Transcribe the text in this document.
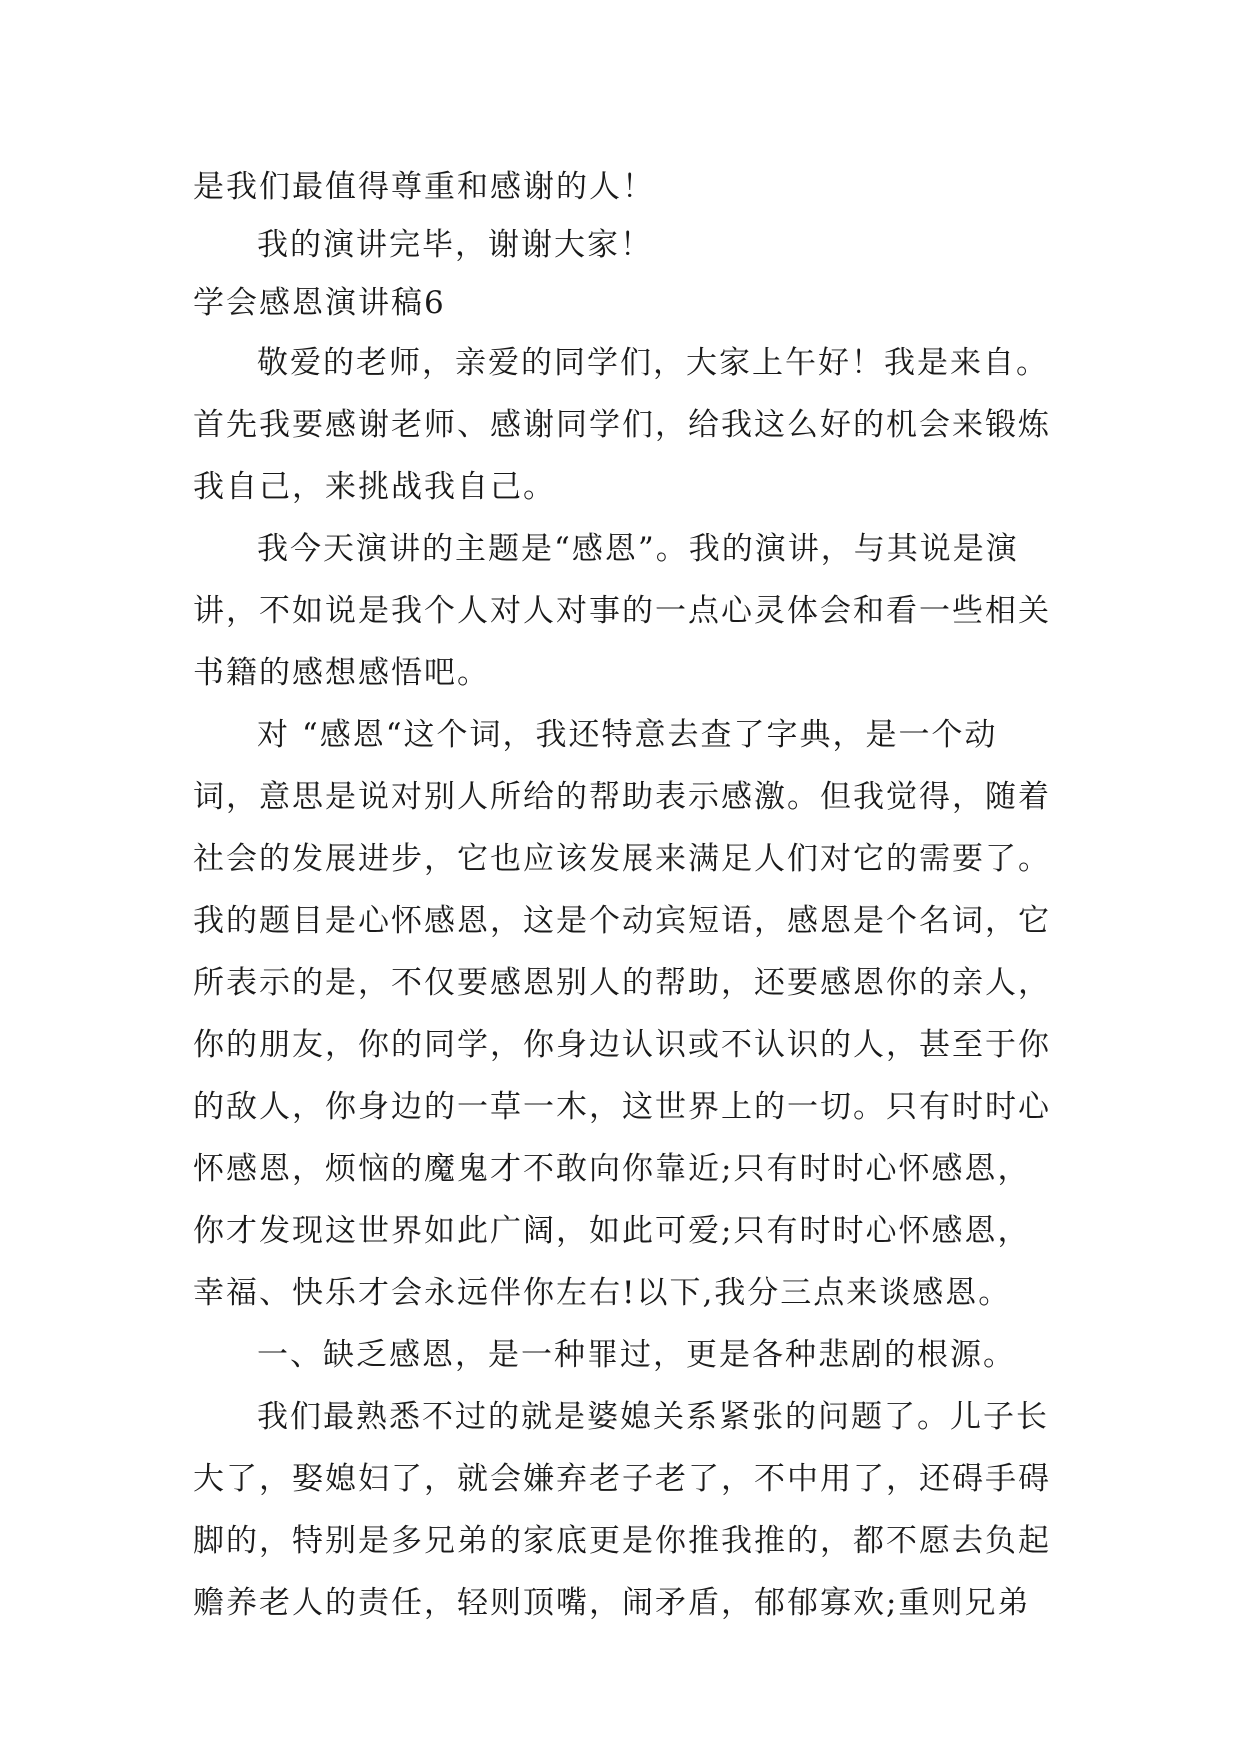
是我们最值得尊重和感谢的人！
我的演讲完毕，谢谢大家！
学会感恩演讲稿6
敬爱的老师，亲爱的同学们，大家上午好！我是来自。
首先我要感谢老师、感谢同学们，给我这么好的机会来锻炼
我自己，来挑战我自己。
我今天演讲的主题是“感恩”。我的演讲，与其说是演
讲，不如说是我个人对人对事的一点心灵体会和看一些相关
书籍的感想感悟吧。
对 “感恩“这个词，我还特意去查了字典，是一个动
词，意思是说对别人所给的帮助表示感激。但我觉得，随着
社会的发展进步，它也应该发展来满足人们对它的需要了。
我的题目是心怀感恩，这是个动宾短语，感恩是个名词，它
所表示的是，不仅要感恩别人的帮助，还要感恩你的亲人，
你的朋友，你的同学，你身边认识或不认识的人，甚至于你
的敌人，你身边的一草一木，这世界上的一切。只有时时心
怀感恩，烦恼的魔鬼才不敢向你靠近;只有时时心怀感恩，
你才发现这世界如此广阔，如此可爱;只有时时心怀感恩，
幸福、快乐才会永远伴你左右!以下,我分三点来谈感恩。
一、缺乏感恩，是一种罪过，更是各种悲剧的根源。
我们最熟悉不过的就是婆媳关系紧张的问题了。儿子长
大了，娶媳妇了，就会嫌弃老子老了，不中用了，还碍手碍
脚的，特别是多兄弟的家底更是你推我推的，都不愿去负起
赡养老人的责任，轻则顶嘴，闹矛盾，郁郁寡欢;重则兄弟
